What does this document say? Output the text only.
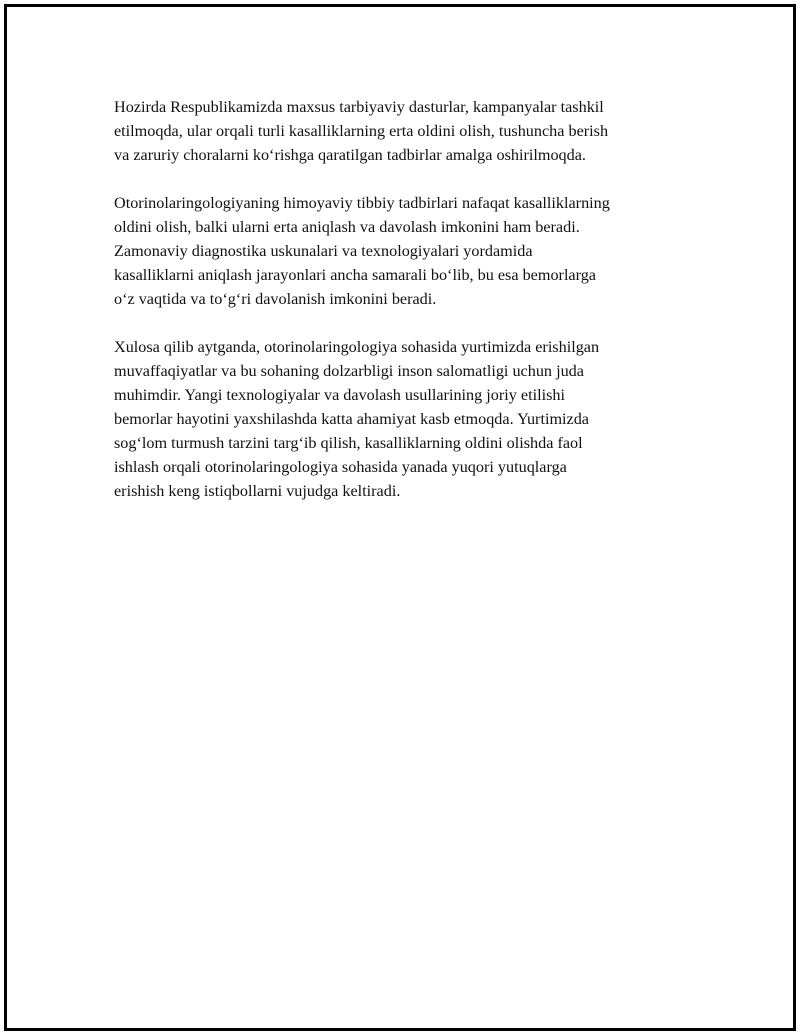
Hozirda Respublikamizda maxsus tarbiyaviy dasturlar, kampanyalar tashkil
etilmoqda, ular orqali turli kasalliklarning erta oldini olish, tushuncha berish
va zaruriy choralarni ko‘rishga qaratilgan tadbirlar amalga oshirilmoqda.

Otorinolaringologiyaning himoyaviy tibbiy tadbirlari nafaqat kasalliklarning
oldini olish, balki ularni erta aniqlash va davolash imkonini ham beradi.
Zamonaviy diagnostika uskunalari va texnologiyalari yordamida
kasalliklarni aniqlash jarayonlari ancha samarali bo‘lib, bu esa bemorlarga
o‘z vaqtida va to‘g‘ri davolanish imkonini beradi.

Xulosa qilib aytganda, otorinolaringologiya sohasida yurtimizda erishilgan
muvaffaqiyatlar va bu sohaning dolzarbligi inson salomatligi uchun juda
muhimdir. Yangi texnologiyalar va davolash usullarining joriy etilishi
bemorlar hayotini yaxshilashda katta ahamiyat kasb etmoqda. Yurtimizda
sog‘lom turmush tarzini targ‘ib qilish, kasalliklarning oldini olishda faol
ishlash orqali otorinolaringologiya sohasida yanada yuqori yutuqlarga
erishish keng istiqbollarni vujudga keltiradi.
